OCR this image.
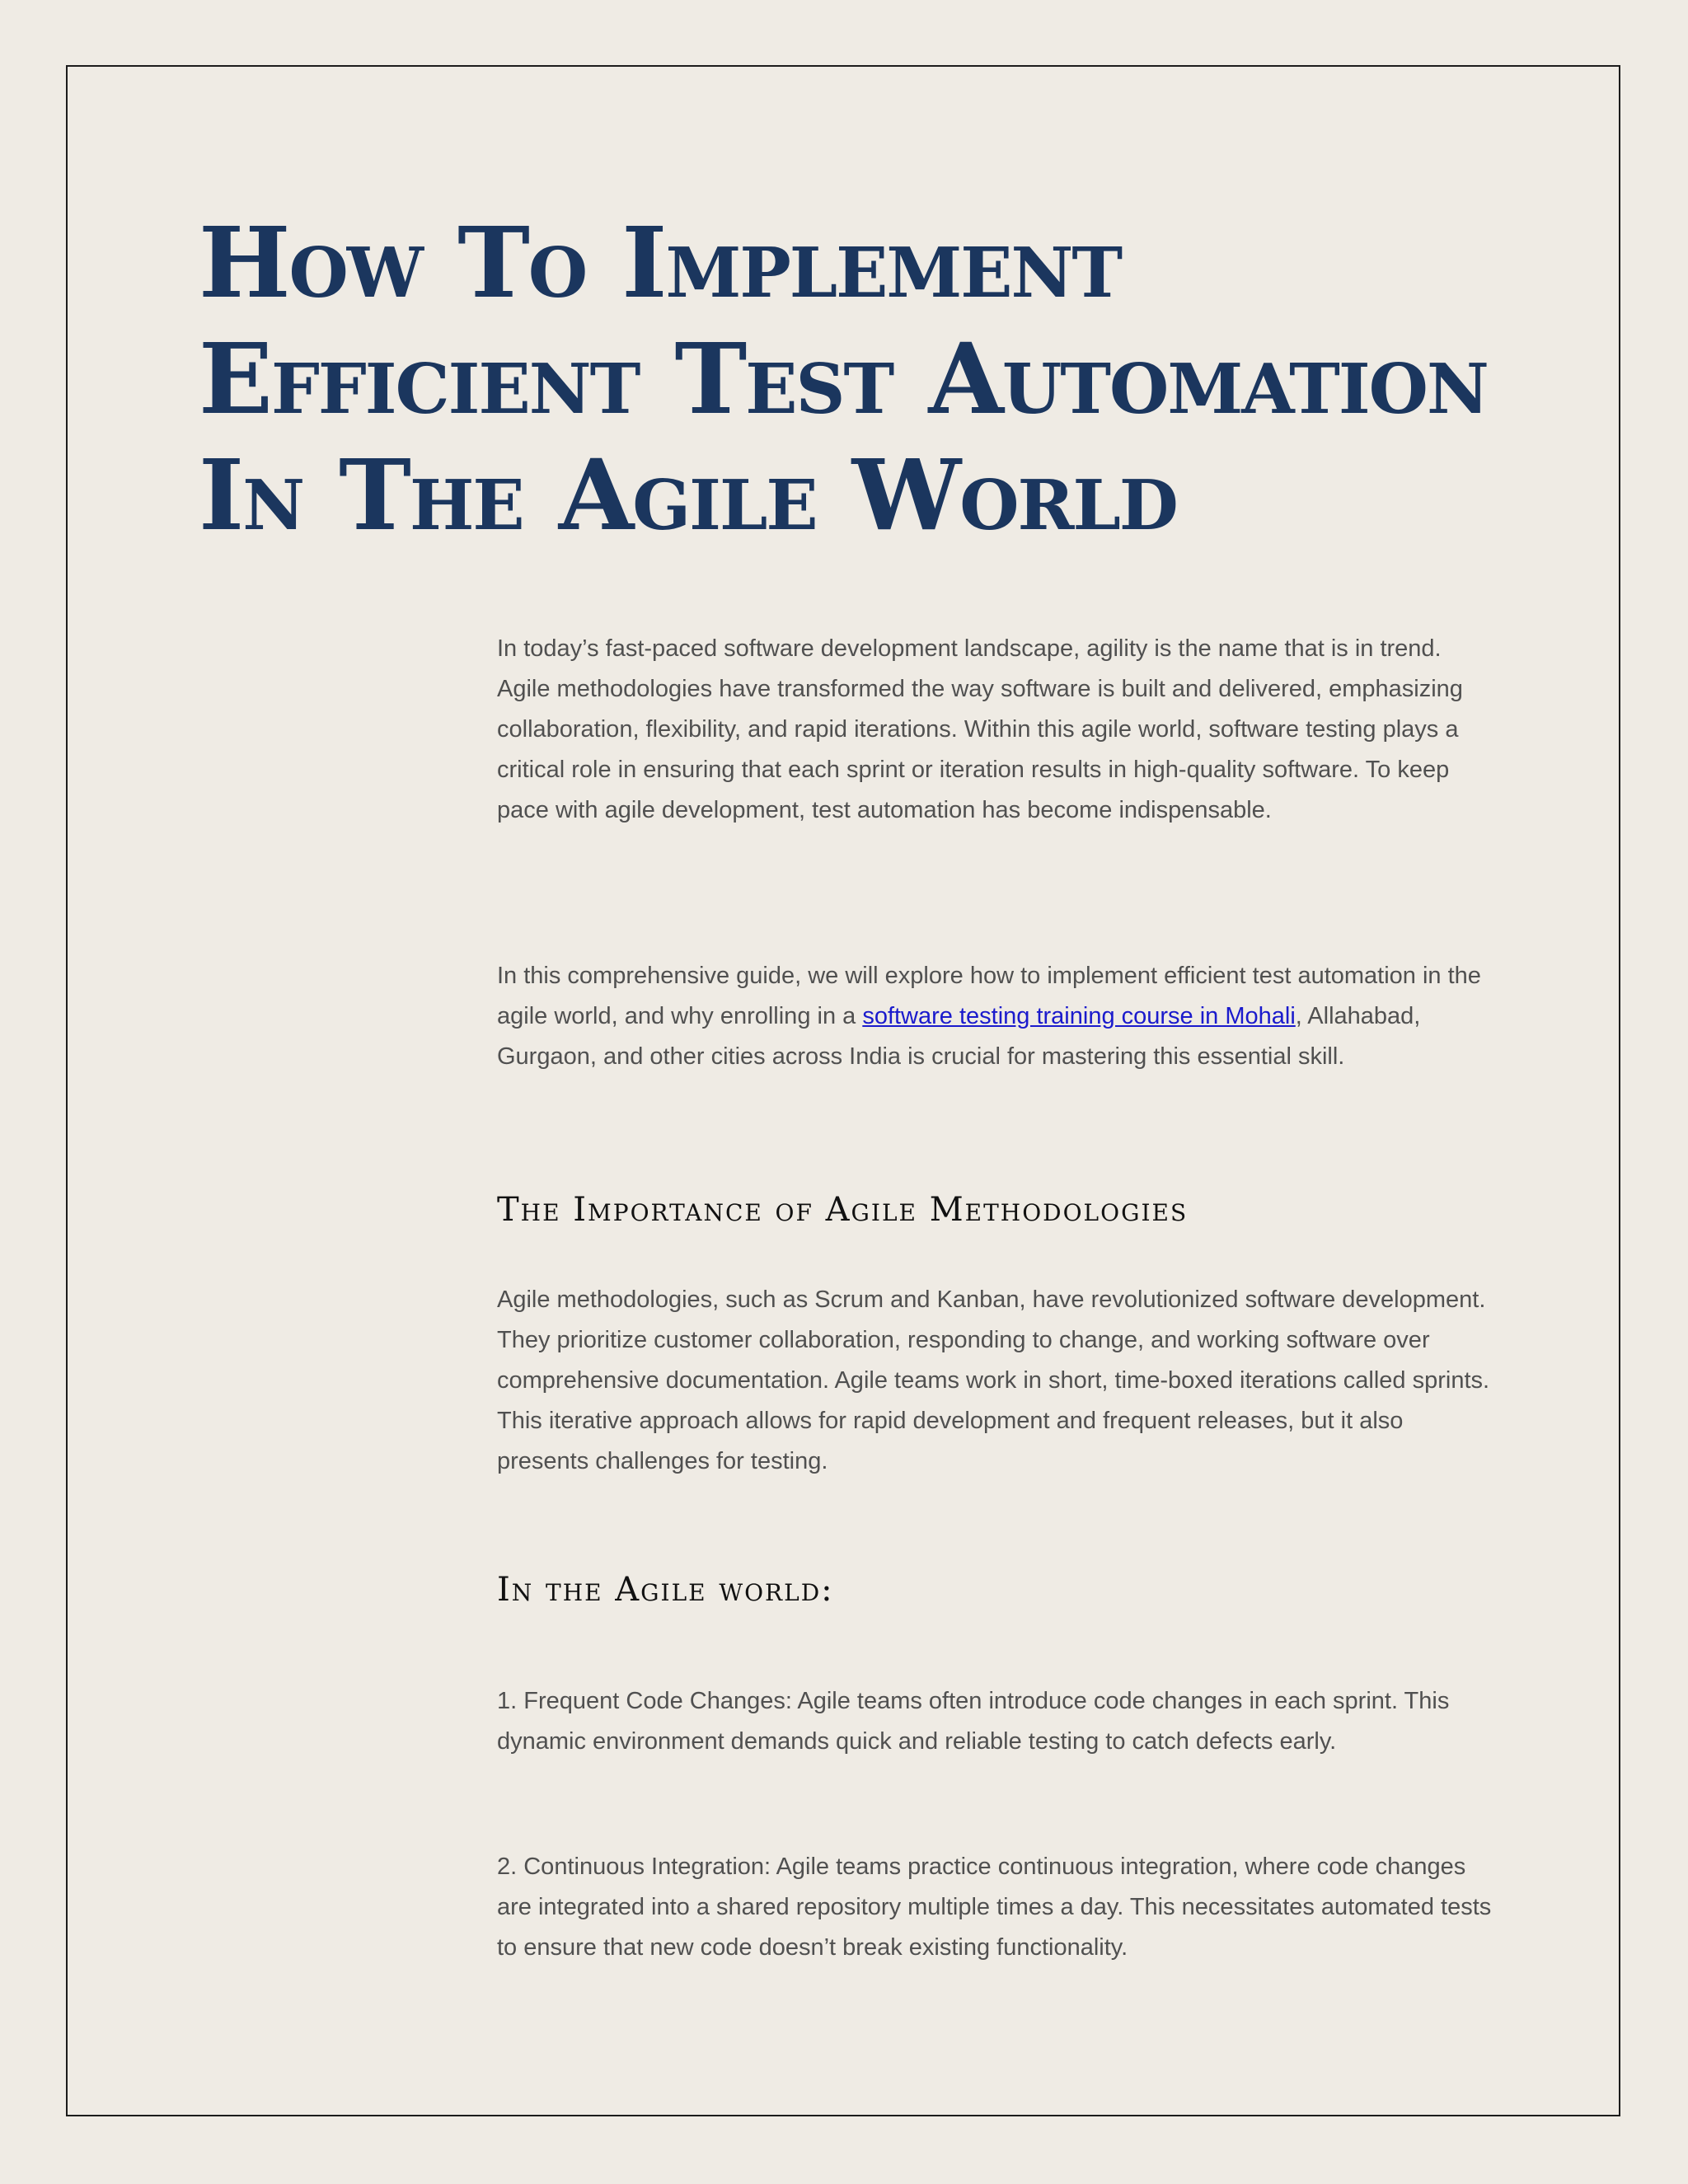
How To Implement Efficient Test Automation In The Agile World

In today’s fast-paced software development landscape, agility is the name that is in trend. Agile methodologies have transformed the way software is built and delivered, emphasizing collaboration, flexibility, and rapid iterations. Within this agile world, software testing plays a critical role in ensuring that each sprint or iteration results in high-quality software. To keep pace with agile development, test automation has become indispensable.

In this comprehensive guide, we will explore how to implement efficient test automation in the agile world, and why enrolling in a software testing training course in Mohali, Allahabad, Gurgaon, and other cities across India is crucial for mastering this essential skill.

The Importance of Agile Methodologies

Agile methodologies, such as Scrum and Kanban, have revolutionized software development. They prioritize customer collaboration, responding to change, and working software over comprehensive documentation. Agile teams work in short, time-boxed iterations called sprints. This iterative approach allows for rapid development and frequent releases, but it also presents challenges for testing.

In the Agile world:

1. Frequent Code Changes: Agile teams often introduce code changes in each sprint. This dynamic environment demands quick and reliable testing to catch defects early.

2. Continuous Integration: Agile teams practice continuous integration, where code changes are integrated into a shared repository multiple times a day. This necessitates automated tests to ensure that new code doesn’t break existing functionality.
